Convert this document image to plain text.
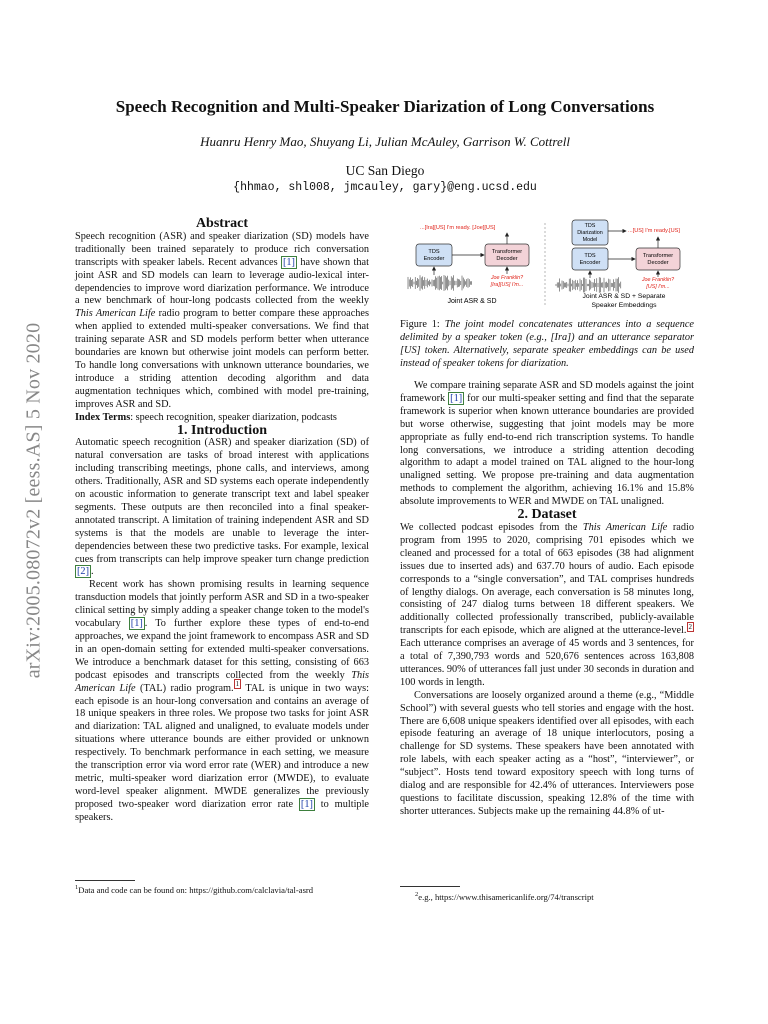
arXiv:2005.08072v2 [eess.AS] 5 Nov 2020
Speech Recognition and Multi-Speaker Diarization of Long Conversations
Huanru Henry Mao, Shuyang Li, Julian McAuley, Garrison W. Cottrell
UC San Diego
{hhmao, shl008, jmcauley, gary}@eng.ucsd.edu
Abstract

Speech recognition (ASR) and speaker diarization (SD) models have traditionally been trained separately to produce rich conversation transcripts with speaker labels. Recent advances [1] have shown that joint ASR and SD models can learn to leverage audio-lexical inter-dependencies to improve word diarization performance. We introduce a new benchmark of hour-long podcasts collected from the weekly This American Life radio program to better compare these approaches when applied to extended multi-speaker conversations. We find that training separate ASR and SD models perform better when utterance boundaries are known but otherwise joint models can perform better. To handle long conversations with unknown utterance boundaries, we introduce a striding attention decoding algorithm and data augmentation techniques which, combined with model pre-training, improves ASR and SD.

Index Terms: speech recognition, speaker diarization, podcasts

1. Introduction

Automatic speech recognition (ASR) and speaker diarization (SD) of natural conversation are tasks of broad interest with applications including transcribing meetings, phone calls, and interviews, among others. Traditionally, ASR and SD systems each operate independently on acoustic information to generate transcript text and label speaker segments. These outputs are then reconciled into a final speaker-annotated transcript. A limitation of training independent ASR and SD systems is that the models are unable to leverage the inter-dependencies between these two predictive tasks. For example, lexical cues from transcripts can help improve speaker turn change prediction [2] .

Recent work has shown promising results in learning sequence transduction models that jointly perform ASR and SD in a two-speaker clinical setting by simply adding a speaker change token to the model's vocabulary [1] . To further explore these types of end-to-end approaches, we expand the joint framework to encompass ASR and SD in an open-domain setting for extended multi-speaker conversations. We introduce a benchmark dataset for this setting, consisting of 663 podcast episodes and transcripts collected from the weekly This American Life (TAL) radio program. $^1$ TAL is unique in two ways: each episode is an hour-long conversation and contains an average of 18 unique speakers in three roles. We propose two tasks for joint ASR and diarization: TAL aligned and unaligned, to evaluate models under situations where utterance bounds are either provided or unknown respectively. To benchmark performance in each setting, we measure the transcription error via word error rate (WER) and introduce a new metric, multi-speaker word diarization error (MWDE), to evaluate word-level speaker alignment. MWDE generalizes the previously proposed two-speaker word diarization error rate [1] to multiple speakers.

$^1$Data and code can be found on: https://github.com/calclavia/tal-asrd
...[Ira][US] I'm ready. [Joe][US]
TDS
Encoder
Transformer
Decoder
Joe Franklin?
[Ira][US] I'm...
Joint ASR & SD
TDS
Diarization
Model
...[US] I'm ready.[US]
TDS
Encoder
Transformer
Decoder
Joe Franklin?
[US] I'm...
Joint ASR & SD + Separate
Speaker Embeddings
Figure 1: The joint model concatenates utterances into a sequence delimited by a speaker token (e.g., [Ira]) and an utterance separator [US] token. Alternatively, separate speaker embeddings can be used instead of speaker tokens for diarization.

We compare training separate ASR and SD models against the joint framework [1] for our multi-speaker setting and find that the separate framework is superior when known utterance boundaries are provided but worse otherwise, suggesting that joint models may be more appropriate as fully end-to-end rich transcription systems. To handle long conversations, we introduce a striding attention decoding algorithm to adapt a model trained on TAL aligned to the hour-long unaligned setting. We propose pre-training and data augmentation methods to complement the algorithm, achieving 16.1% and 15.8% absolute improvements to WER and MWDE on TAL unaligned.

2. Dataset

We collected podcast episodes from the This American Life radio program from 1995 to 2020, comprising 701 episodes which we cleaned and processed for a total of 663 episodes (38 had alignment issues due to inserted ads) and 637.70 hours of audio. Each episode corresponds to a “single conversation”, and TAL comprises hundreds of lengthy dialogs. On average, each conversation is 58 minutes long, consisting of 247 dialog turns between 18 different speakers. We additionally collected professionally transcribed, publicly-available transcripts for each episode, which are aligned at the utterance-level. $^2$ Each utterance comprises an average of 45 words and 3 sentences, for a total of 7,390,793 words and 520,676 sentences across 163,808 utterances. 90% of utterances fall just under 30 seconds in duration and 100 words in length.

Conversations are loosely organized around a theme (e.g., “Middle School”) with several guests who tell stories and engage with the host. There are 6,608 unique speakers identified over all episodes, with each episode featuring an average of 18 unique interlocutors, posing a challenge for SD systems. These speakers have been annotated with role labels, with each speaker acting as a “host”, “interviewer”, or “subject”. Hosts tend toward expository speech with long turns of dialog and are responsible for 42.4% of utterances. Interviewers pose questions to facilitate discussion, speaking 12.8% of the time with shorter utterances. Subjects make up the remaining 44.8% of ut-

$^2$e.g., https://www.thisamericanlife.org/74/transcript
